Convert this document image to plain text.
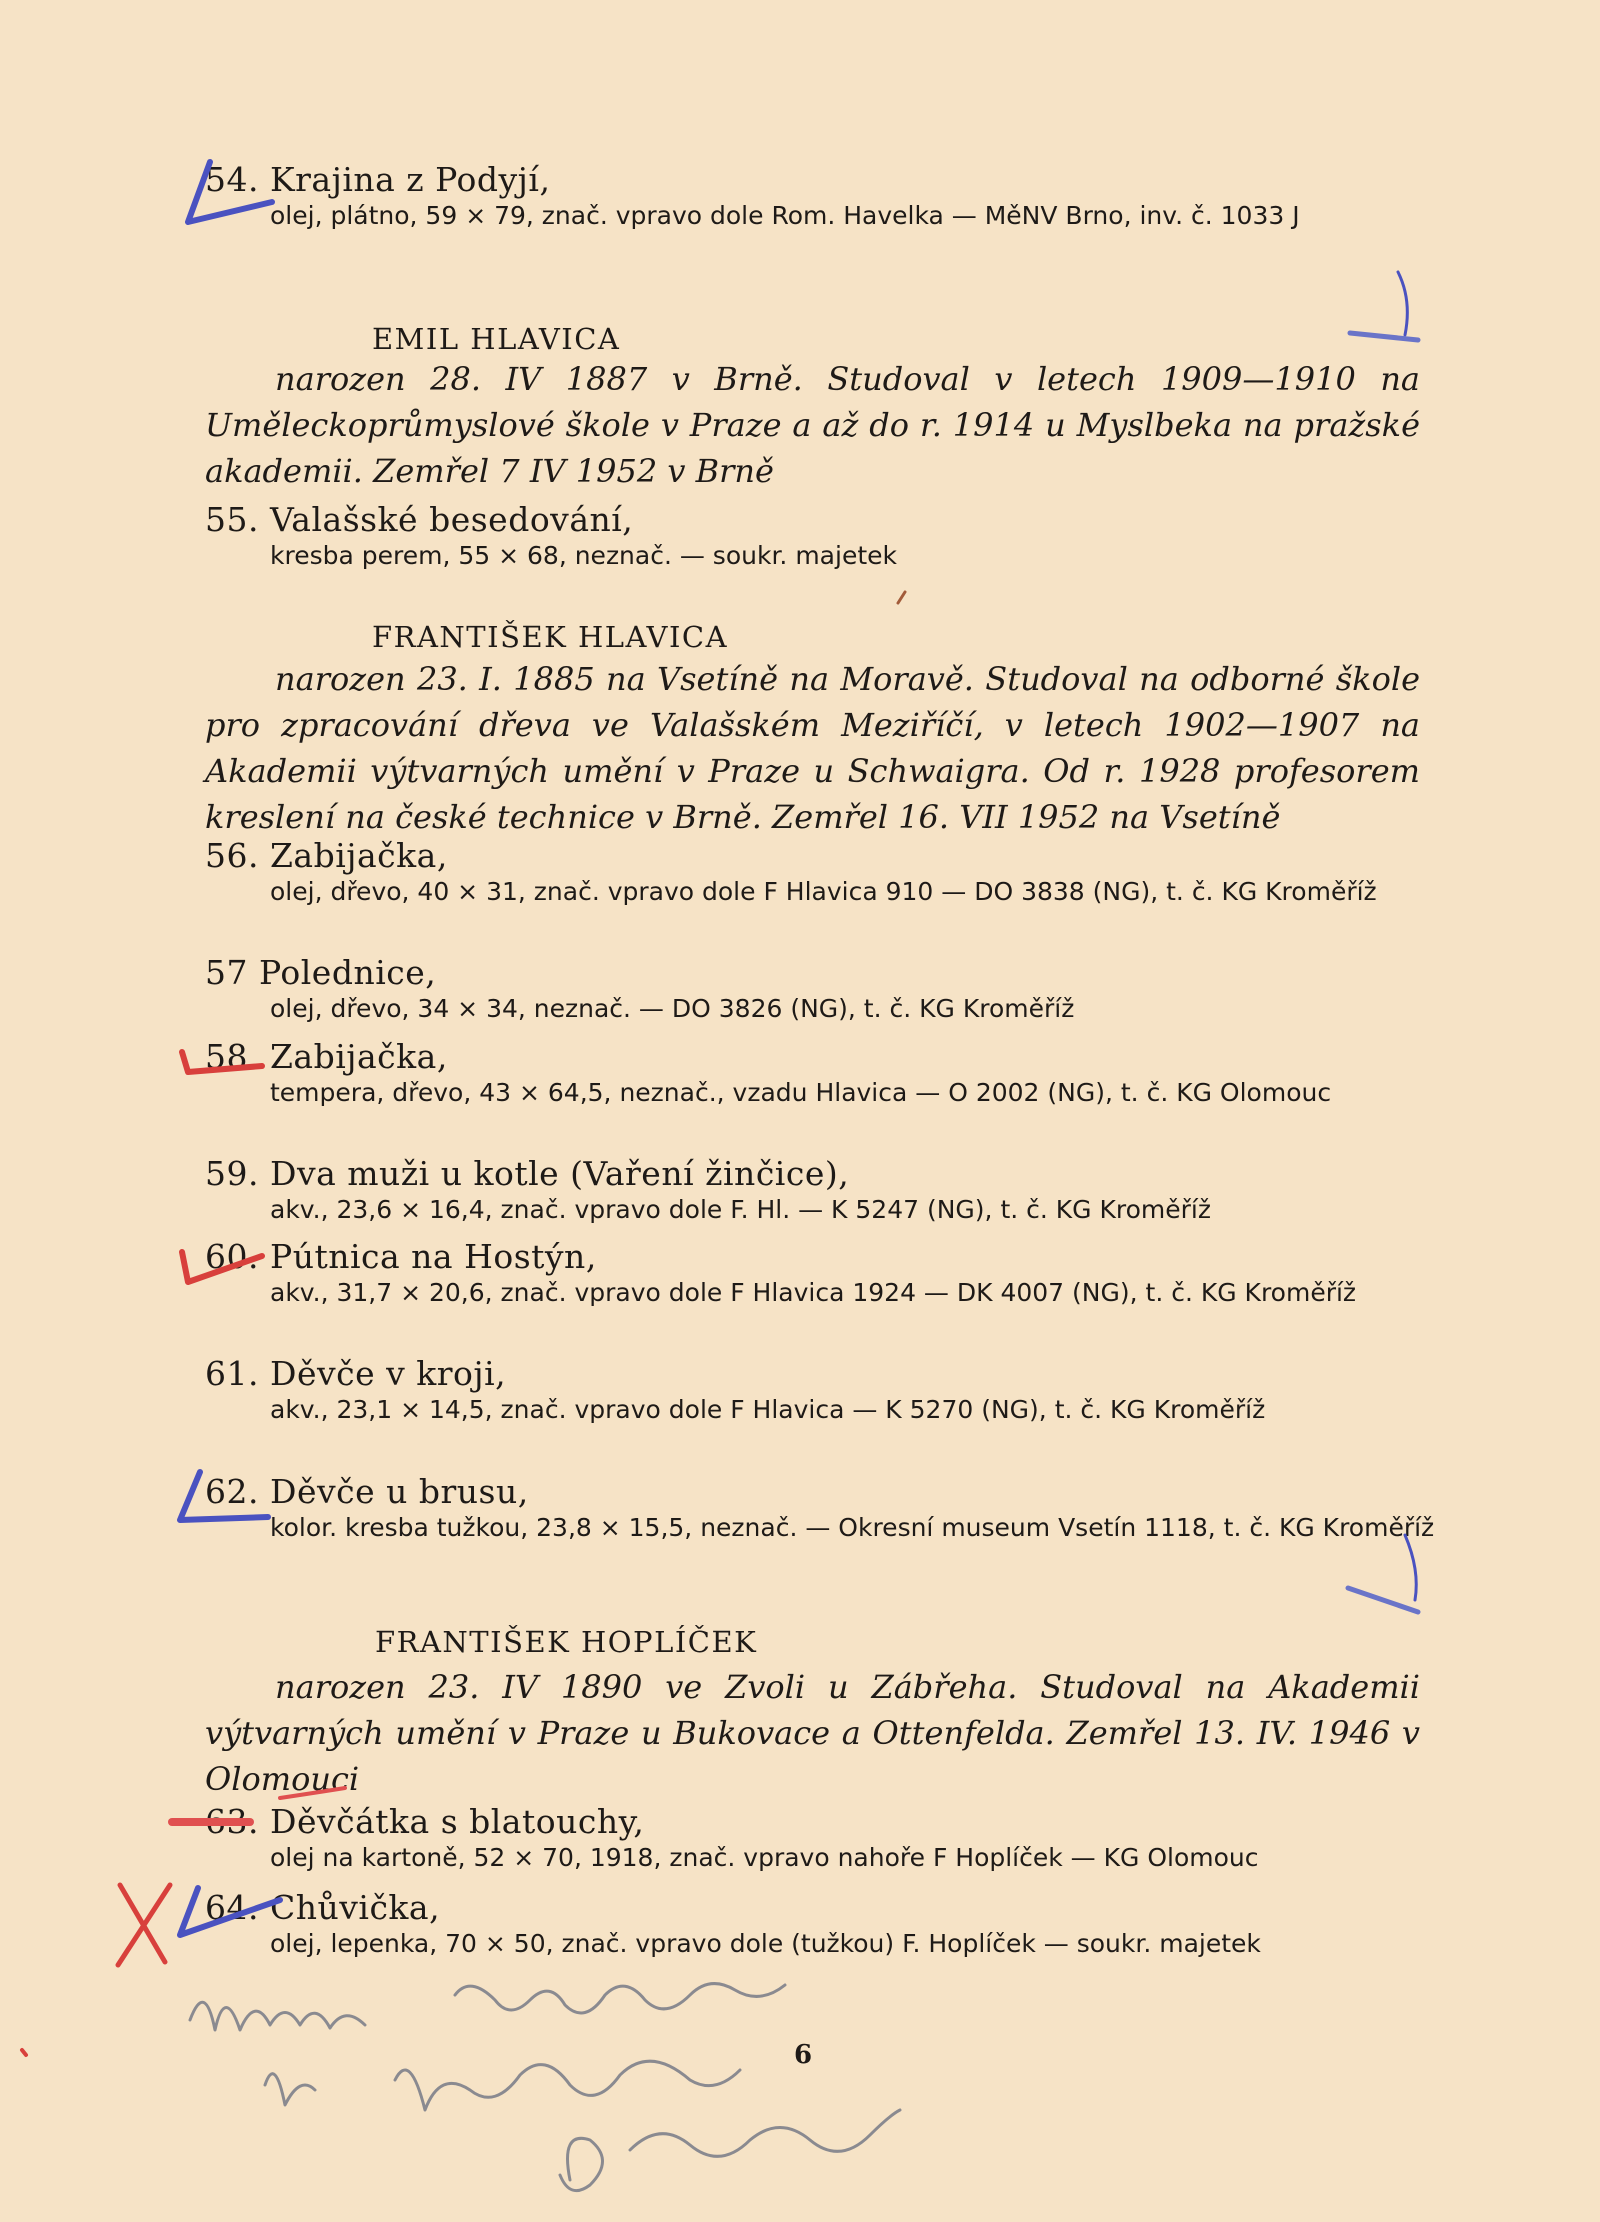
54. Krajina z Podyjí,
olej, plátno, 59 × 79, znač. vpravo dole Rom. Havelka — MěNV Brno, inv. č. 1033 J
EMIL HLAVICA
narozen 28. IV 1887 v Brně. Studoval v letech 1909—1910 na Uměleckoprůmyslové škole v Praze a až do r. 1914 u Myslbeka na pražské akademii. Zemřel 7 IV 1952 v Brně
55. Valašské besedování,
kresba perem, 55 × 68, neznač. — soukr. majetek
FRANTIŠEK HLAVICA
narozen 23. I. 1885 na Vsetíně na Moravě. Studoval na odborné škole pro zpracování dřeva ve Valašském Meziříčí, v letech 1902—1907 na Akademii výtvarných umění v Praze u Schwaigra. Od r. 1928 profesorem kreslení na české technice v Brně. Zemřel 16. VII 1952 na Vsetíně
56. Zabijačka,
olej, dřevo, 40 × 31, znač. vpravo dole F Hlavica 910 — DO 3838 (NG), t. č. KG Kroměříž
57 Polednice,
olej, dřevo, 34 × 34, neznač. — DO 3826 (NG), t. č. KG Kroměříž
58. Zabijačka,
tempera, dřevo, 43 × 64,5, neznač., vzadu Hlavica — O 2002 (NG), t. č. KG Olomouc
59. Dva muži u kotle (Vaření žinčice),
akv., 23,6 × 16,4, znač. vpravo dole F. Hl. — K 5247 (NG), t. č. KG Kroměříž
60. Pútnica na Hostýn,
akv., 31,7 × 20,6, znač. vpravo dole F Hlavica 1924 — DK 4007 (NG), t. č. KG Kroměříž
61. Děvče v kroji,
akv., 23,1 × 14,5, znač. vpravo dole F Hlavica — K 5270 (NG), t. č. KG Kroměříž
62. Děvče u brusu,
kolor. kresba tužkou, 23,8 × 15,5, neznač. — Okresní museum Vsetín 1118, t. č. KG Kroměříž
FRANTIŠEK HOPLÍČEK
narozen 23. IV 1890 ve Zvoli u Zábřeha. Studoval na Akademii výtvarných umění v Praze u Bukovace a Ottenfelda. Zemřel 13. IV. 1946 v Olomouci
63. Děvčátka s blatouchy,
olej na kartoně, 52 × 70, 1918, znač. vpravo nahoře F Hoplíček — KG Olomouc
64. Chůvička,
olej, lepenka, 70 × 50, znač. vpravo dole (tužkou) F. Hoplíček — soukr. majetek
6
